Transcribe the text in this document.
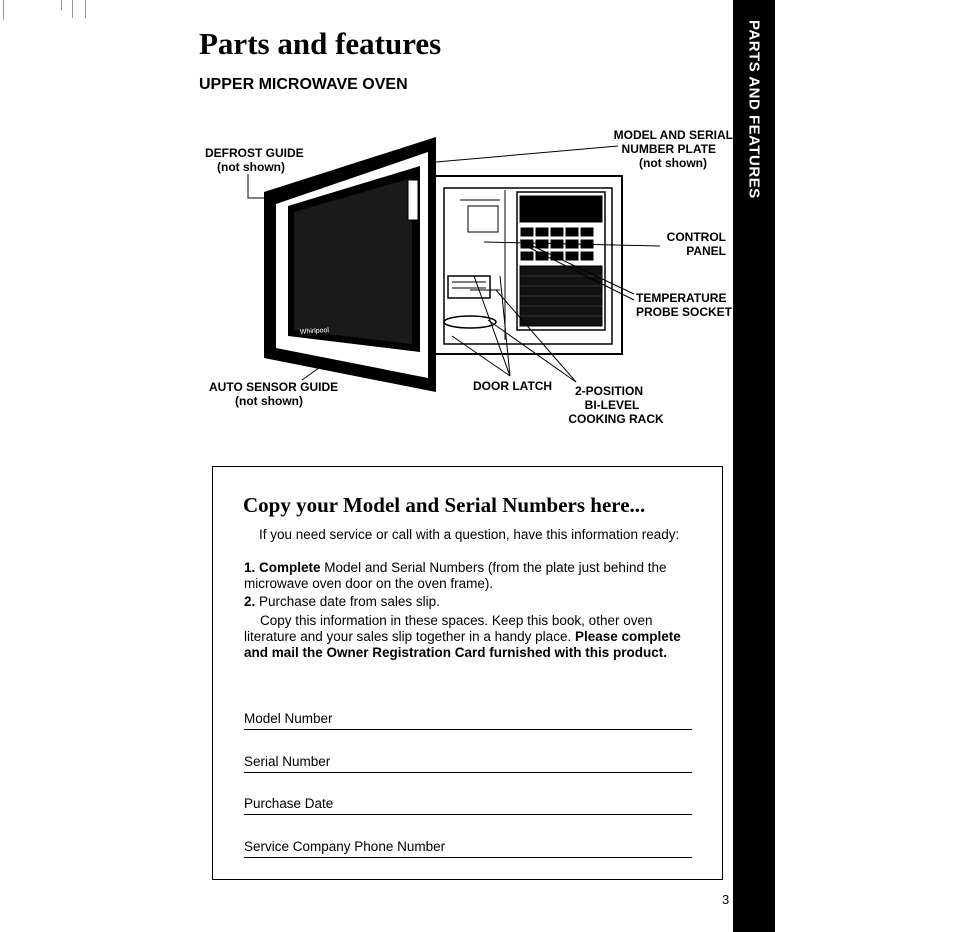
PARTS AND FEATURES
Parts and features
UPPER MICROWAVE OVEN
12:00
Whirlpool
DEFROST GUIDE
(not shown)
MODEL AND SERIAL
NUMBER PLATE
(not shown)
CONTROL
PANEL
TEMPERATURE
PROBE SOCKET
AUTO SENSOR GUIDE
(not shown)
DOOR LATCH	2-POSITION
BI-LEVEL
COOKING RACK
Copy your Model and Serial Numbers here...

If you need service or call with a question, have this information ready:

1. Complete Model and Serial Numbers (from the plate just behind the microwave oven door on the oven frame).

2. Purchase date from sales slip.

Copy this information in these spaces. Keep this book, other oven literature and your sales slip together in a handy place. Please complete and mail the Owner Registration Card furnished with this product.

Model Number
Serial Number
Purchase Date
Service Company Phone Number
3
